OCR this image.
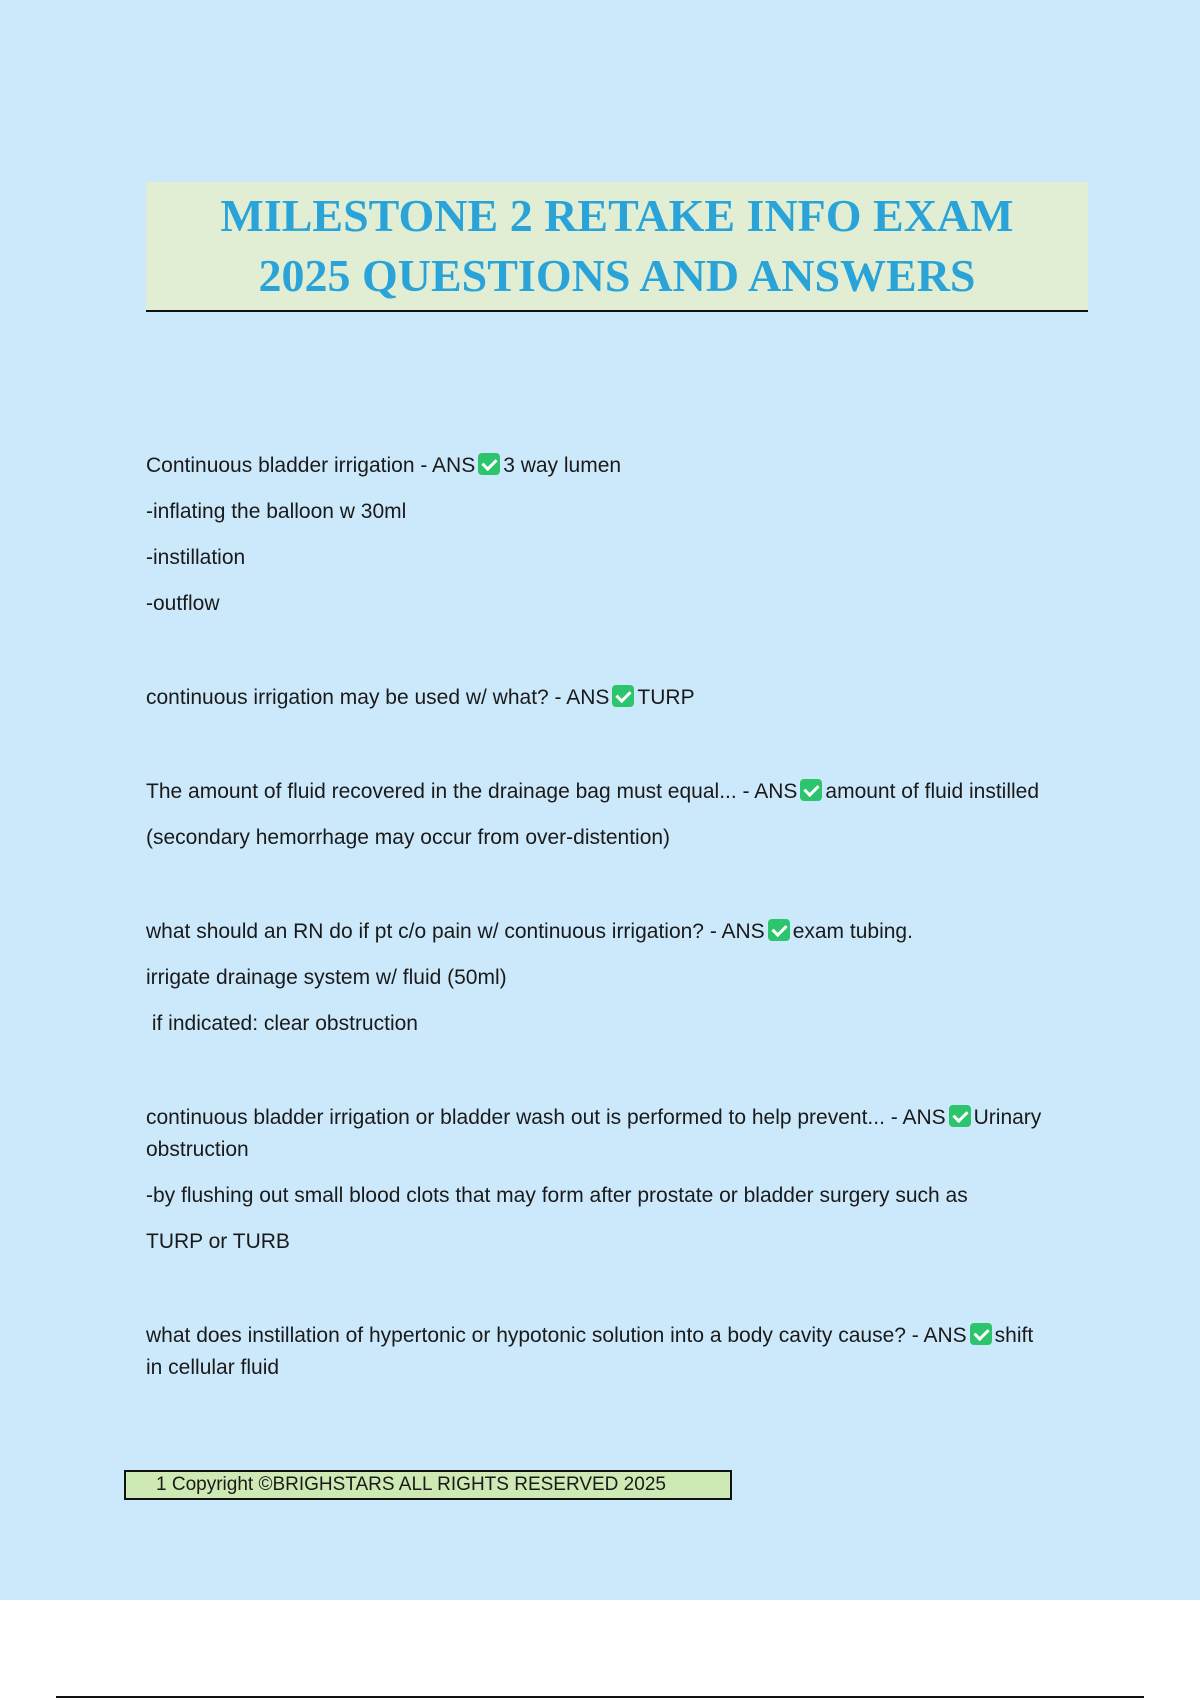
MILESTONE 2 RETAKE INFO EXAM
2025 QUESTIONS AND ANSWERS
Continuous bladder irrigation - ANS 3 way lumen
-inflating the balloon w 30ml
-instillation
-outflow
continuous irrigation may be used w/ what? - ANS TURP
The amount of fluid recovered in the drainage bag must equal... - ANS amount of fluid instilled
(secondary hemorrhage may occur from over-distention)
what should an RN do if pt c/o pain w/ continuous irrigation? - ANS exam tubing.
irrigate drainage system w/ fluid (50ml)
if indicated: clear obstruction
continuous bladder irrigation or bladder wash out is performed to help prevent... - ANS Urinary obstruction
-by flushing out small blood clots that may form after prostate or bladder surgery such as
TURP or TURB
what does instillation of hypertonic or hypotonic solution into a body cavity cause? - ANS shift in cellular fluid
1 Copyright ©BRIGHSTARS ALL RIGHTS RESERVED 2025
